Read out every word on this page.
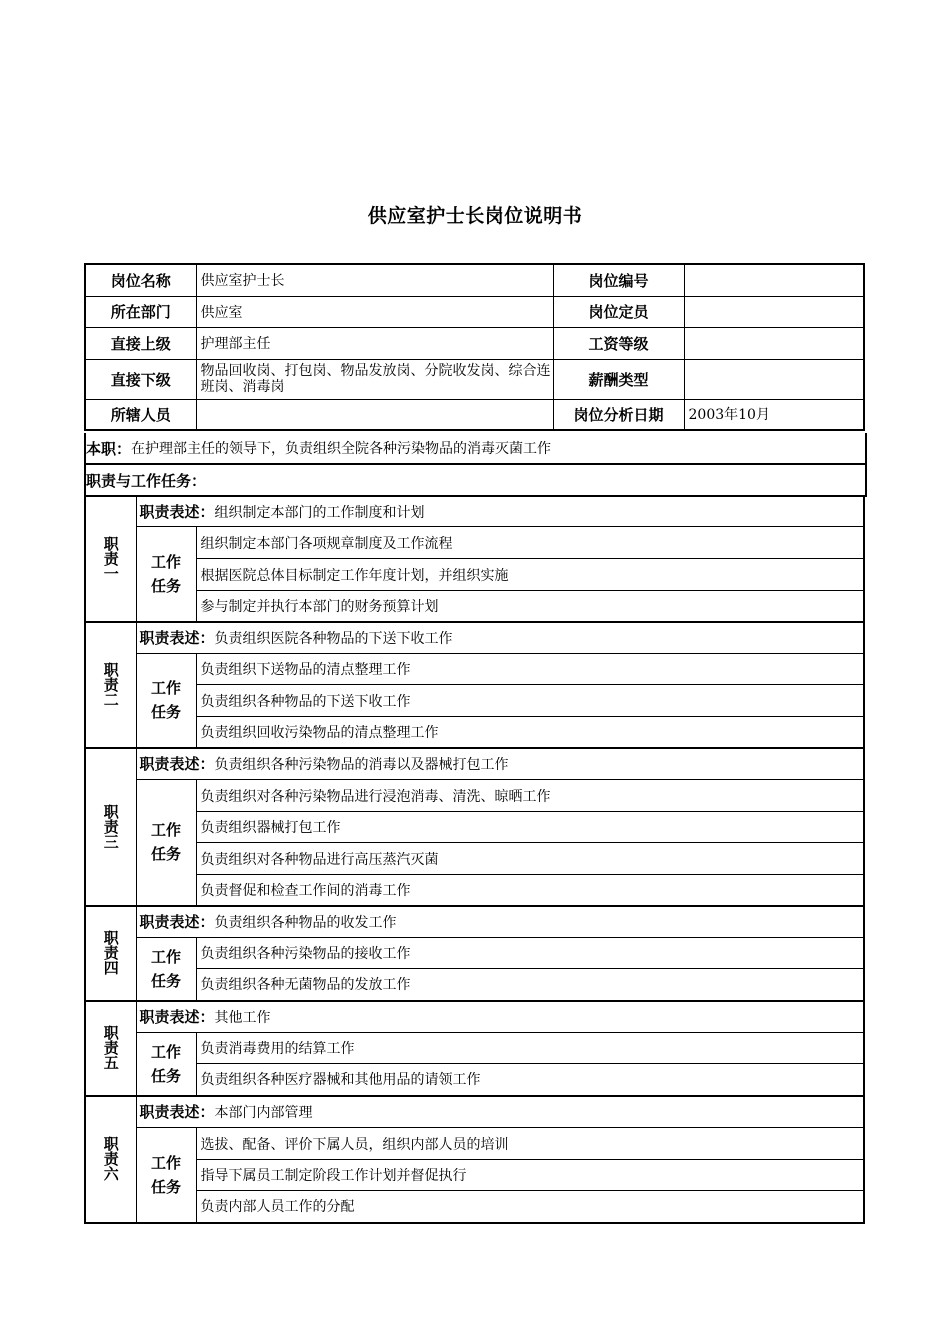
供应室护士长岗位说明书
岗位名称	供应室护士长	岗位编号	
所在部门	供应室	岗位定员	
直接上级	护理部主任	工资等级	
直接下级	物品回收岗、打包岗、物品发放岗、分院收发岗、综合连班岗、消毒岗	薪酬类型	
所辖人员		岗位分析日期	2003年10月
本职： 在护理部主任的领导下，负责组织全院各种污染物品的消毒灭菌工作
职责与工作任务：
职责一	职责表述：组织制定本部门的工作制度和计划	
	工作任务	组织制定本部门各项规章制度及工作流程
		根据医院总体目标制定工作年度计划，并组织实施
		参与制定并执行本部门的财务预算计划
职责二	职责表述：负责组织医院各种物品的下送下收工作	
	工作任务	负责组织下送物品的清点整理工作
		负责组织各种物品的下送下收工作
		负责组织回收污染物品的清点整理工作
职责三	职责表述：负责组织各种污染物品的消毒以及器械打包工作	
	工作任务	负责组织对各种污染物品进行浸泡消毒、清洗、晾晒工作
		负责组织器械打包工作
		负责组织对各种物品进行高压蒸汽灭菌
		负责督促和检查工作间的消毒工作
职责四	职责表述：负责组织各种物品的收发工作	
	工作任务	负责组织各种污染物品的接收工作
		负责组织各种无菌物品的发放工作
职责五	职责表述：其他工作	
	工作任务	负责消毒费用的结算工作
		负责组织各种医疗器械和其他用品的请领工作
职责六	职责表述：本部门内部管理	
	工作任务	选拔、配备、评价下属人员，组织内部人员的培训
		指导下属员工制定阶段工作计划并督促执行
		负责内部人员工作的分配
